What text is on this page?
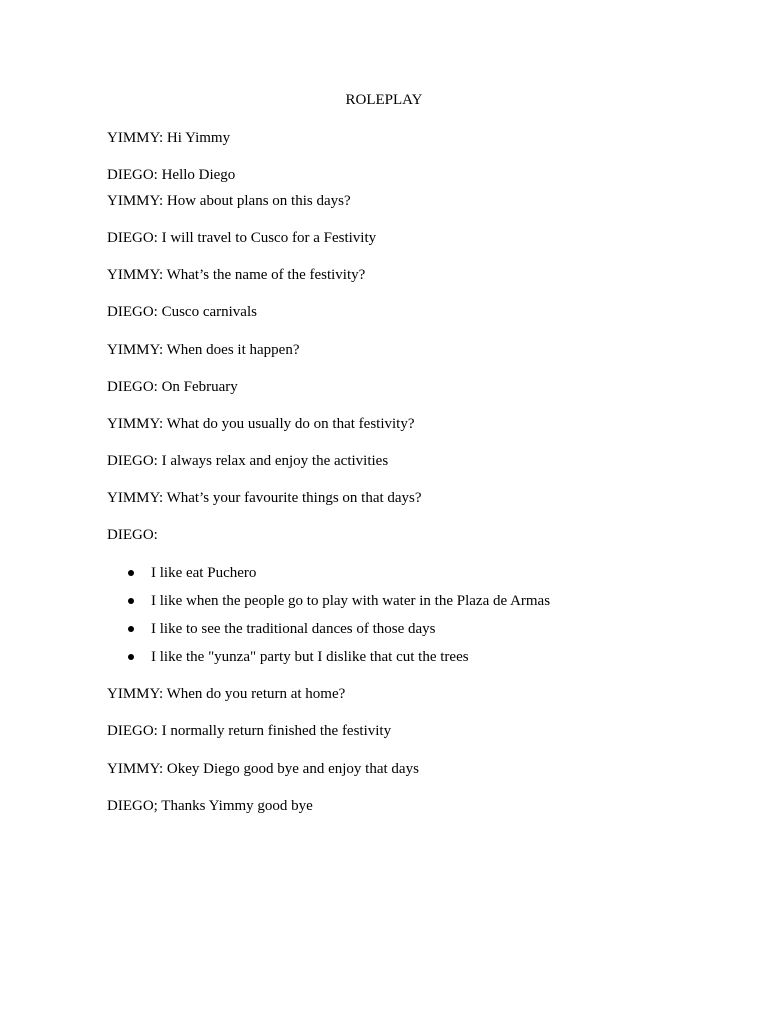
ROLEPLAY
YIMMY: Hi Yimmy
DIEGO: Hello Diego
YIMMY: How about plans on this days?
DIEGO: I will travel to Cusco for a Festivity
YIMMY: What’s the name of the festivity?
DIEGO: Cusco carnivals
YIMMY: When does it happen?
DIEGO: On February
YIMMY: What do you usually do on that festivity?
DIEGO: I always relax and enjoy the activities
YIMMY: What’s your favourite things on that days?
DIEGO:
I like eat Puchero
I like when the people go to play with water in the Plaza de Armas
I like to see the traditional dances of those days
I like the "yunza" party but I dislike that cut the trees
YIMMY: When do you return at home?
DIEGO: I normally return finished the festivity
YIMMY: Okey Diego good bye and enjoy that days
DIEGO; Thanks Yimmy good bye
